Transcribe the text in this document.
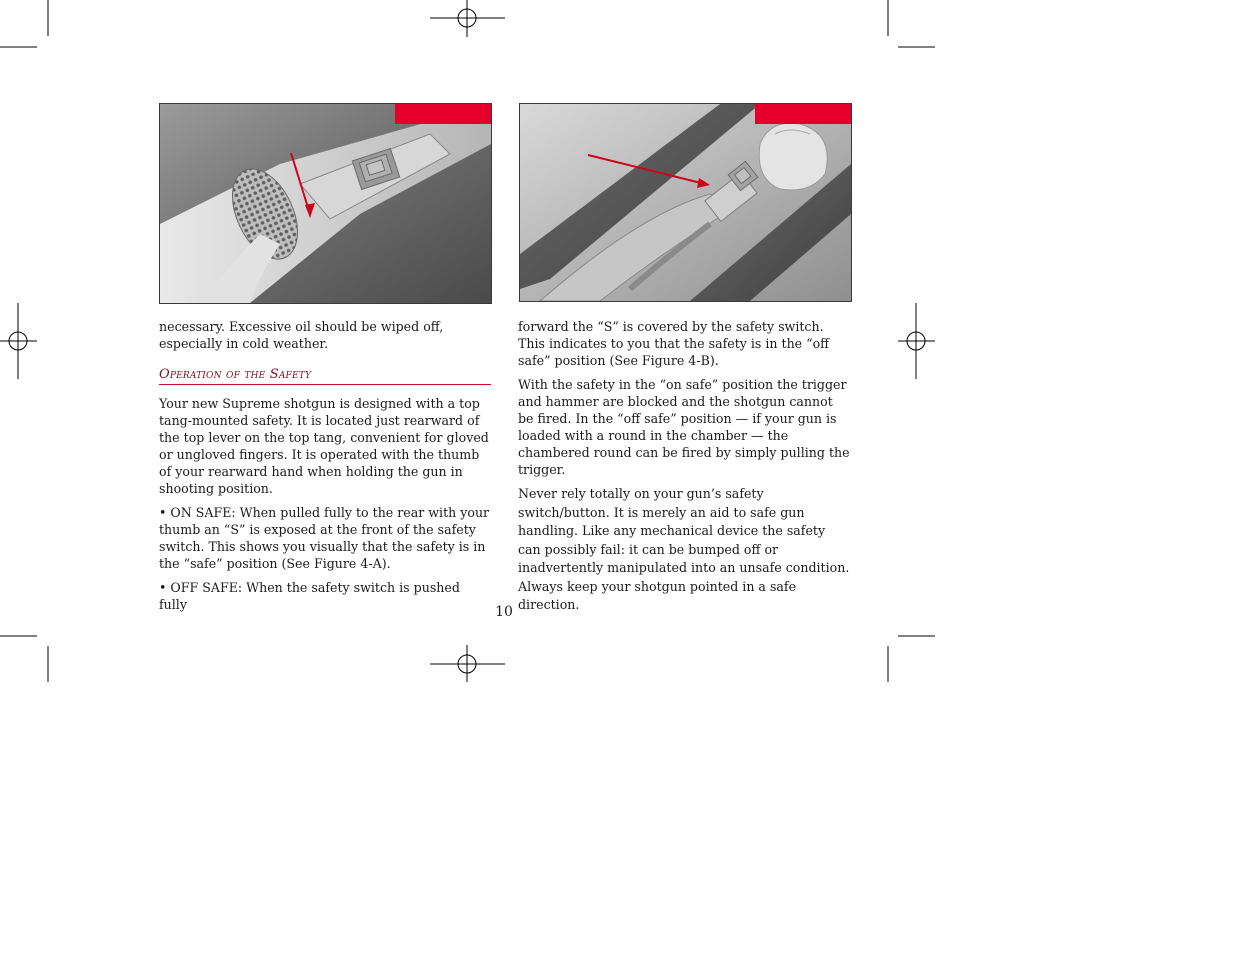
necessary. Excessive oil should be wiped off, especially in cold weather.

Operation of the Safety

Your new Supreme shotgun is designed with a top tang-mounted safety. It is located just rearward of the top lever on the top tang, convenient for gloved or ungloved fingers. It is operated with the thumb of your rearward hand when holding the gun in shooting position.

• ON SAFE: When pulled fully to the rear with your thumb an “S” is exposed at the front of the safety switch. This shows you visually that the safety is in the “safe” position (See Figure 4-A).

• OFF SAFE: When the safety switch is pushed fully

forward the “S” is covered by the safety switch. This indicates to you that the safety is in the “off safe” position (See Figure 4-B).

With the safety in the “on safe” position the trigger and hammer are blocked and the shotgun cannot be fired. In the “off safe” position — if your gun is loaded with a round in the chamber — the chambered round can be fired by simply pulling the trigger.

Never rely totally on your gun’s safety switch/button. It is merely an aid to safe gun handling. Like any mechanical device the safety can possibly fail: it can be bumped off or inadvertently manipulated into an unsafe condition. Always keep your shotgun pointed in a safe direction.

10
